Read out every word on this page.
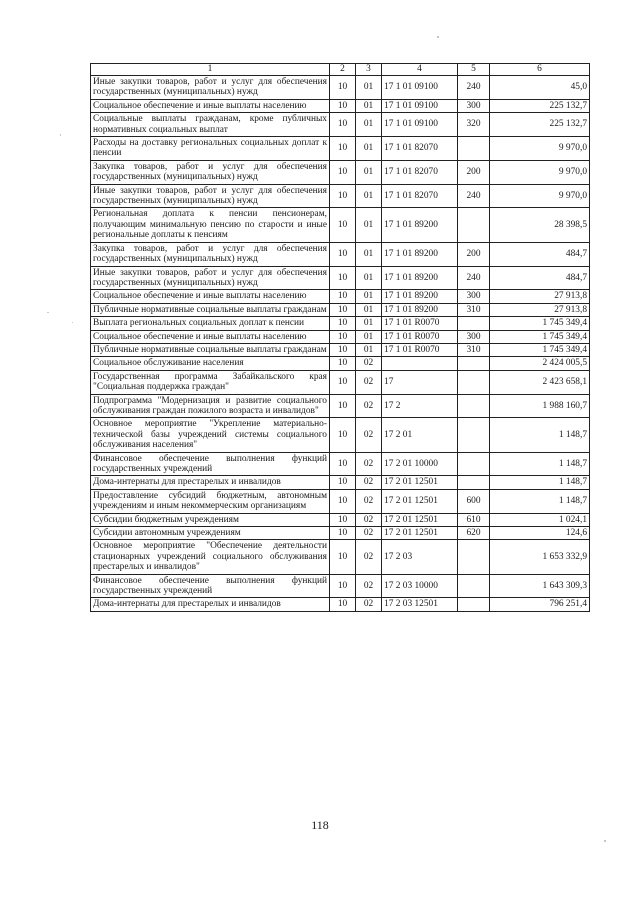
1	2	3	4	5	6
Иные закупки товаров, работ и услуг для обеспечения государственных (муниципальных) нужд	10	01	17 1 01 09100	240	45,0
Социальное обеспечение и иные выплаты населению	10	01	17 1 01 09100	300	225 132,7
Социальные выплаты гражданам, кроме публичных нормативных социальных выплат	10	01	17 1 01 09100	320	225 132,7
Расходы на доставку региональных социальных доплат к пенсии	10	01	17 1 01 82070		9 970,0
Закупка товаров, работ и услуг для обеспечения государственных (муниципальных) нужд	10	01	17 1 01 82070	200	9 970,0
Иные закупки товаров, работ и услуг для обеспечения государственных (муниципальных) нужд	10	01	17 1 01 82070	240	9 970,0
Региональная доплата к пенсии пенсионерам, получающим минимальную пенсию по старости и иные региональные доплаты к пенсиям	10	01	17 1 01 89200		28 398,5
Закупка товаров, работ и услуг для обеспечения государственных (муниципальных) нужд	10	01	17 1 01 89200	200	484,7
Иные закупки товаров, работ и услуг для обеспечения государственных (муниципальных) нужд	10	01	17 1 01 89200	240	484,7
Социальное обеспечение и иные выплаты населению	10	01	17 1 01 89200	300	27 913,8
Публичные нормативные социальные выплаты гражданам	10	01	17 1 01 89200	310	27 913,8
Выплата региональных социальных доплат к пенсии	10	01	17 1 01 R0070		1 745 349,4
Социальное обеспечение и иные выплаты населению	10	01	17 1 01 R0070	300	1 745 349,4
Публичные нормативные социальные выплаты гражданам	10	01	17 1 01 R0070	310	1 745 349,4
Социальное обслуживание населения	10	02			2 424 005,5
Государственная программа Забайкальского края "Социальная поддержка граждан"	10	02	17		2 423 658,1
Подпрограмма "Модернизация и развитие социального обслуживания граждан пожилого возраста и инвалидов"	10	02	17 2		1 988 160,7
Основное мероприятие "Укрепление материально-технической базы учреждений системы социального обслуживания населения"	10	02	17 2 01		1 148,7
Финансовое обеспечение выполнения функций государственных учреждений	10	02	17 2 01 10000		1 148,7
Дома-интернаты для престарелых и инвалидов	10	02	17 2 01 12501		1 148,7
Предоставление субсидий бюджетным, автономным учреждениям и иным некоммерческим организациям	10	02	17 2 01 12501	600	1 148,7
Субсидии бюджетным учреждениям	10	02	17 2 01 12501	610	1 024,1
Субсидии автономным учреждениям	10	02	17 2 01 12501	620	124,6
Основное мероприятие "Обеспечение деятельности стационарных учреждений социального обслуживания престарелых и инвалидов"	10	02	17 2 03		1 653 332,9
Финансовое обеспечение выполнения функций государственных учреждений	10	02	17 2 03 10000		1 643 309,3
Дома-интернаты для престарелых и инвалидов	10	02	17 2 03 12501		796 251,4
118
